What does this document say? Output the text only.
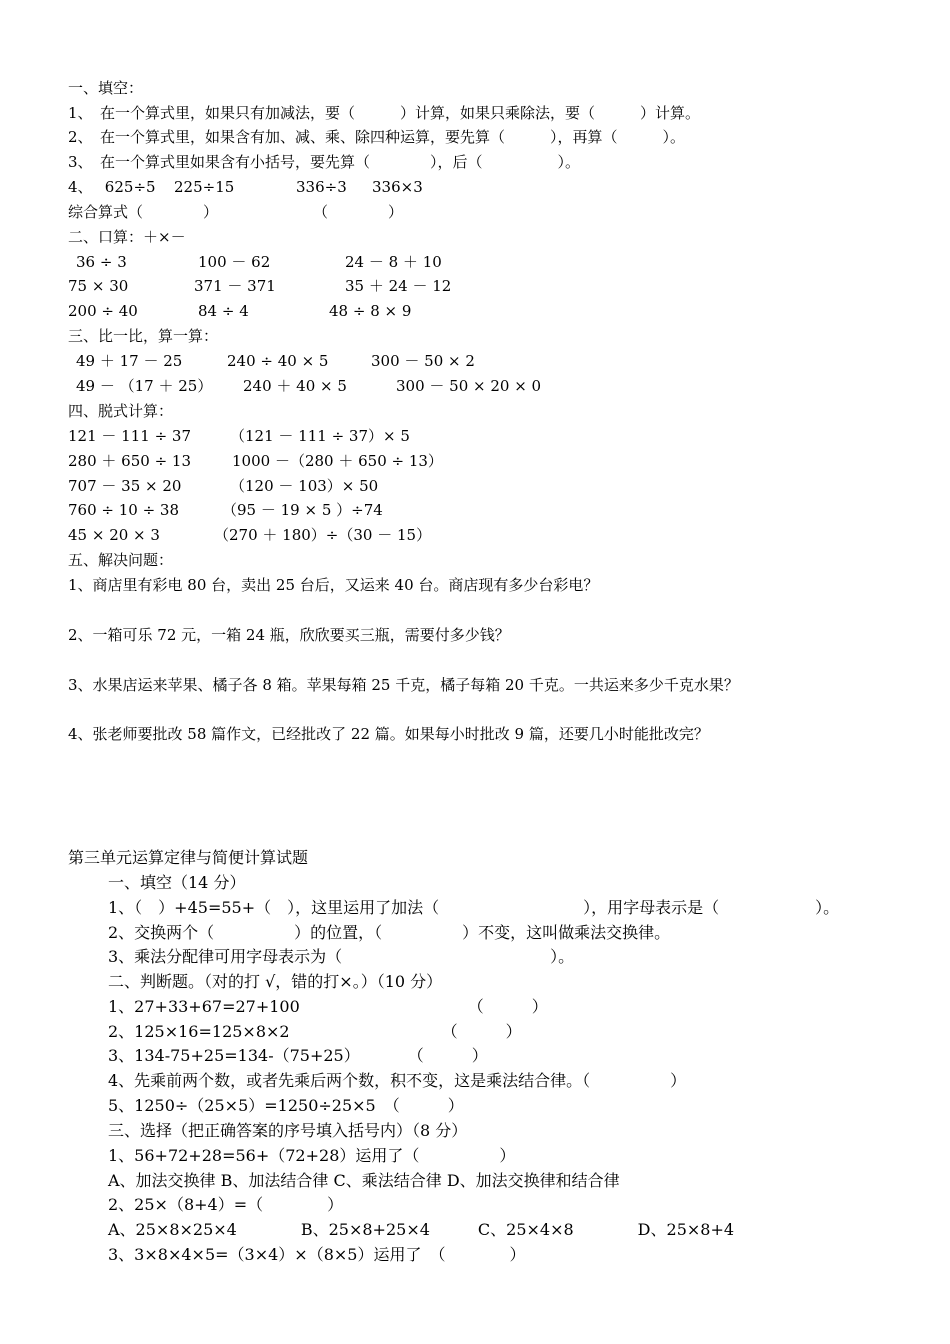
一、填空：
1、　在一个算式里，如果只有加减法，要（　　　）计算，如果只乘除法，要（　　　）计算。
2、　在一个算式里，如果含有加、减、乘、除四种运算，要先算（　　　），再算（　　　）。
3、　在一个算式里如果含有小括号，要先算（　　　　），后（　　　　　）。
4、　 625÷5 225÷15	336÷3 336×3
综合算式（　　　　）	（　　　　）
二、口算：＋×－
36 ÷ 3	100 － 62	24 － 8 ＋ 10
75 × 30	371 － 371	35 ＋ 24 － 12
200 ÷ 40	84 ÷ 4	48 ÷ 8 × 9
三、比一比，算一算：
49 ＋ 17 － 25	240 ÷ 40 × 5	300 － 50 × 2
49 － （17 ＋ 25） 240 ＋ 40 × 5	300 － 50 × 20 × 0
四、脱式计算：
121 － 111 ÷ 37	（121 － 111 ÷ 37）× 5
280 ＋ 650 ÷ 13	1000 －（280 ＋ 650 ÷ 13）
707 － 35 × 20	（120 － 103）× 50
760 ÷ 10 ÷ 38	（95 － 19 × 5 ）÷74
45 × 20 × 3	（270 ＋ 180）÷（30 － 15）
五、解决问题：
1、商店里有彩电 80 台，卖出 25 台后，又运来 40 台。商店现有多少台彩电？
2、一箱可乐 72 元，一箱 24 瓶，欣欣要买三瓶，需要付多少钱？
3、水果店运来苹果、橘子各 8 箱。苹果每箱 25 千克，橘子每箱 20 千克。一共运来多少千克水果？
4、张老师要批改 58 篇作文，已经批改了 22 篇。如果每小时批改 9 篇，还要几小时能批改完？
第三单元运算定律与简便计算试题
一、填空（14 分）
1、（　）+45=55+（　），这里运用了加法（　　　　　　　　　），用字母表示是（　　　　　　）。
2、交换两个（　　　　　）的位置，（　　　　　）不变，这叫做乘法交换律。
3、乘法分配律可用字母表示为（　　　　　　　　　　　　　）。
二、判断题。（对的打 √，错的打×。）（10 分）
1、27+33+67=27+100　　　　　　　　　　　（　　　）
2、125×16=125×8×2　　　　　　　　　　（　　　）
3、134-75+25=134-（75+25）　　　　（　　　）
4、先乘前两个数，或者先乘后两个数，积不变，这是乘法结合律。（　　　　　）
5、1250÷（25×5）=1250÷25×5　（　　　）
三、选择（把正确答案的序号填入括号内）（8 分）
1、56+72+28=56+（72+28）运用了（　　　　　）
A、加法交换律 B、加法结合律 C、乘法结合律 D、加法交换律和结合律
2、25×（8+4）=（　　　　）
A、25×8×25×4　　　　B、25×8+25×4　　　C、25×4×8　　　　D、25×8+4
3、3×8×4×5=（3×4）×（8×5）运用了　（　　　　）
